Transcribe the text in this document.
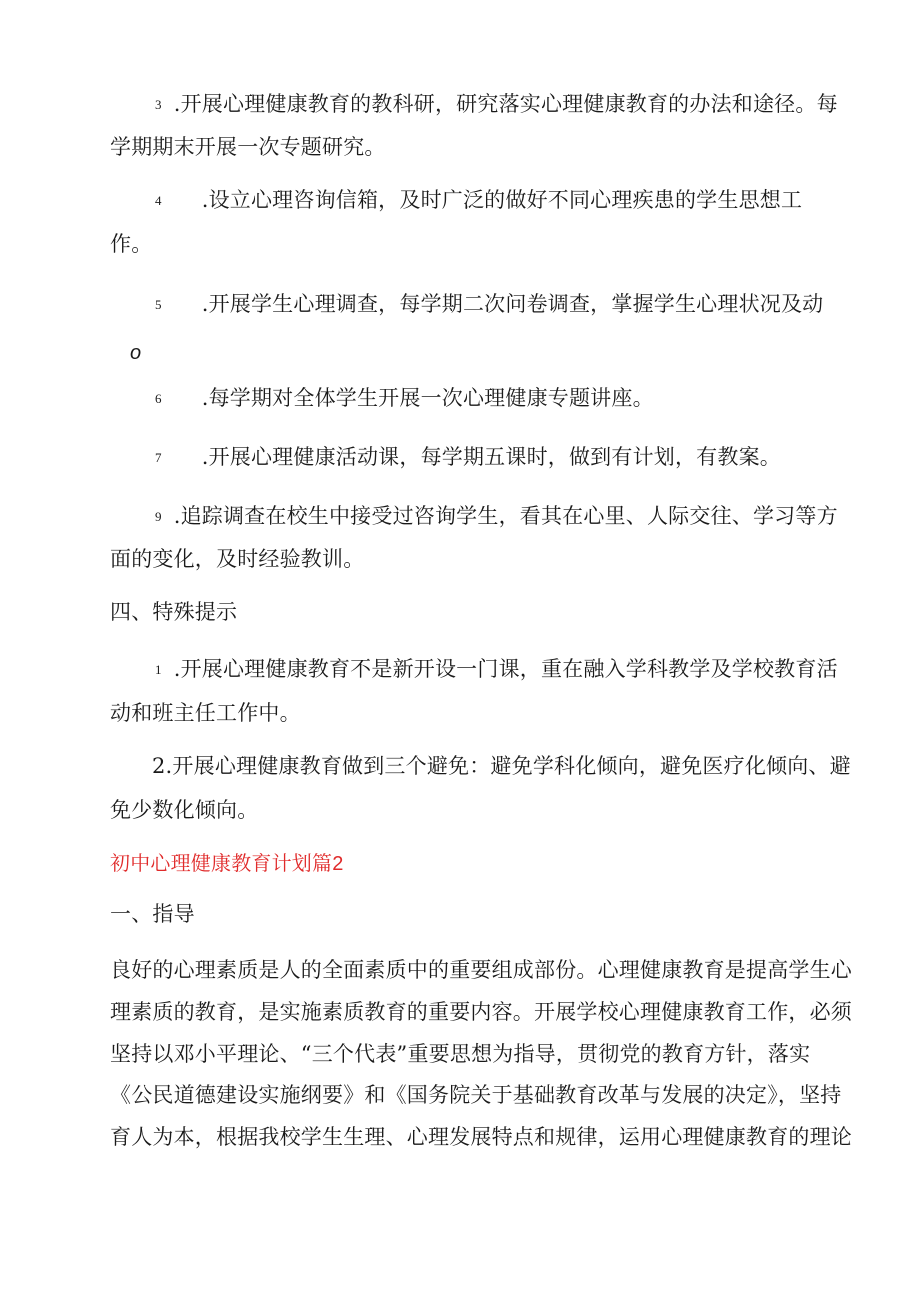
3 .开展心理健康教育的教科研，研究落实心理健康教育的办法和途径。每
学期期末开展一次专题研究。
4 .设立心理咨询信箱，及时广泛的做好不同心理疾患的学生思想工
作。
5 .开展学生心理调查，每学期二次问卷调查，掌握学生心理状况及动
o
6 .每学期对全体学生开展一次心理健康专题讲座。
7 .开展心理健康活动课，每学期五课时，做到有计划，有教案。
9 .追踪调查在校生中接受过咨询学生，看其在心里、人际交往、学习等方
面的变化，及时经验教训。
四、特殊提示
1 .开展心理健康教育不是新开设一门课，重在融入学科教学及学校教育活
动和班主任工作中。
2.开展心理健康教育做到三个避免：避免学科化倾向，避免医疗化倾向、避
免少数化倾向。
初中心理健康教育计划篇2
一、指导
良好的心理素质是人的全面素质中的重要组成部份。心理健康教育是提高学生心
理素质的教育，是实施素质教育的重要内容。开展学校心理健康教育工作，必须
坚持以邓小平理论、“三个代表”重要思想为指导，贯彻党的教育方针，落实
《公民道德建设实施纲要》和《国务院关于基础教育改革与发展的决定》，坚持
育人为本，根据我校学生生理、心理发展特点和规律，运用心理健康教育的理论
